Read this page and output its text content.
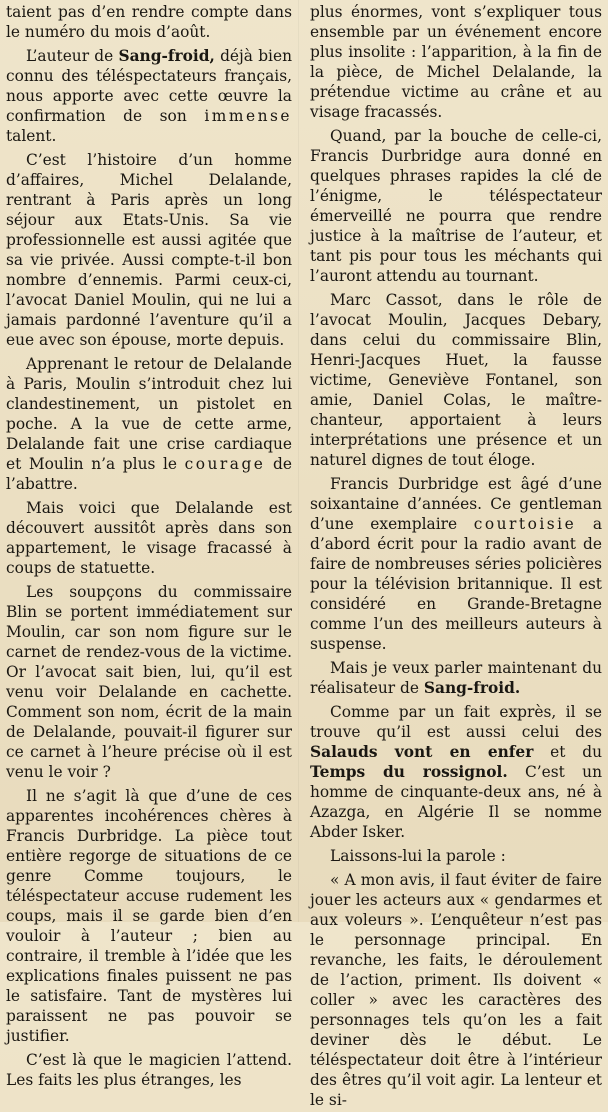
taient pas d’en rendre compte dans le numéro du mois d’août.

L’auteur de Sang-froid, déjà bien connu des téléspectateurs français, nous apporte avec cette œuvre la confirmation de son immense talent.

C’est l’histoire d’un homme d’affaires, Michel Delalande, rentrant à Paris après un long séjour aux Etats-Unis. Sa vie professionnelle est aussi agitée que sa vie privée. Aussi compte-t-il bon nombre d’ennemis. Parmi ceux-ci, l’avocat Daniel Moulin, qui ne lui a jamais pardonné l’aventure qu’il a eue avec son épouse, morte depuis.

Apprenant le retour de Delalande à Paris, Moulin s’introduit chez lui clandestinement, un pistolet en poche. A la vue de cette arme, Delalande fait une crise cardiaque et Moulin n’a plus le courage de l’abattre.

Mais voici que Delalande est découvert aussitôt après dans son appartement, le visage fracassé à coups de statuette.

Les soupçons du commissaire Blin se portent immédiatement sur Moulin, car son nom figure sur le carnet de rendez-vous de la victime. Or l’avocat sait bien, lui, qu’il est venu voir Delalande en cachette. Comment son nom, écrit de la main de Delalande, pouvait-il figurer sur ce carnet à l’heure précise où il est venu le voir ?

Il ne s’agit là que d’une de ces apparentes incohérences chères à Francis Durbridge. La pièce tout entière regorge de situations de ce genre Comme toujours, le téléspectateur accuse rudement les coups, mais il se garde bien d’en vouloir à l’auteur ; bien au contraire, il tremble à l’idée que les explications finales puissent ne pas le satisfaire. Tant de mystères lui paraissent ne pas pouvoir se justifier.

C’est là que le magicien l’attend. Les faits les plus étranges, les

plus énormes, vont s’expliquer tous ensemble par un événement encore plus insolite : l’apparition, à la fin de la pièce, de Michel Delalande, la prétendue victime au crâne et au visage fracassés.

Quand, par la bouche de celle-ci, Francis Durbridge aura donné en quelques phrases rapides la clé de l’énigme, le téléspectateur émerveillé ne pourra que rendre justice à la maîtrise de l’auteur, et tant pis pour tous les méchants qui l’auront attendu au tournant.

Marc Cassot, dans le rôle de l’avocat Moulin, Jacques Debary, dans celui du commissaire Blin, Henri-Jacques Huet, la fausse victime, Geneviève Fontanel, son amie, Daniel Colas, le maître-chanteur, apportaient à leurs interprétations une présence et un naturel dignes de tout éloge.

Francis Durbridge est âgé d’une soixantaine d’années. Ce gentleman d’une exemplaire courtoisie a d’abord écrit pour la radio avant de faire de nombreuses séries policières pour la télévision britannique. Il est considéré en Grande-Bretagne comme l’un des meilleurs auteurs à suspense.

Mais je veux parler maintenant du réalisateur de Sang-froid.

Comme par un fait exprès, il se trouve qu’il est aussi celui des Salauds vont en enfer et du Temps du rossignol. C’est un homme de cinquante-deux ans, né à Azazga, en Algérie Il se nomme Abder Isker.

Laissons-lui la parole :

« A mon avis, il faut éviter de faire jouer les acteurs aux « gendarmes et aux voleurs ». L’enquêteur n’est pas le personnage principal. En revanche, les faits, le déroulement de l’action, priment. Ils doivent « coller » avec les caractères des personnages tels qu’on les a fait deviner dès le début. Le téléspectateur doit être à l’intérieur des êtres qu’il voit agir. La lenteur et le si-
